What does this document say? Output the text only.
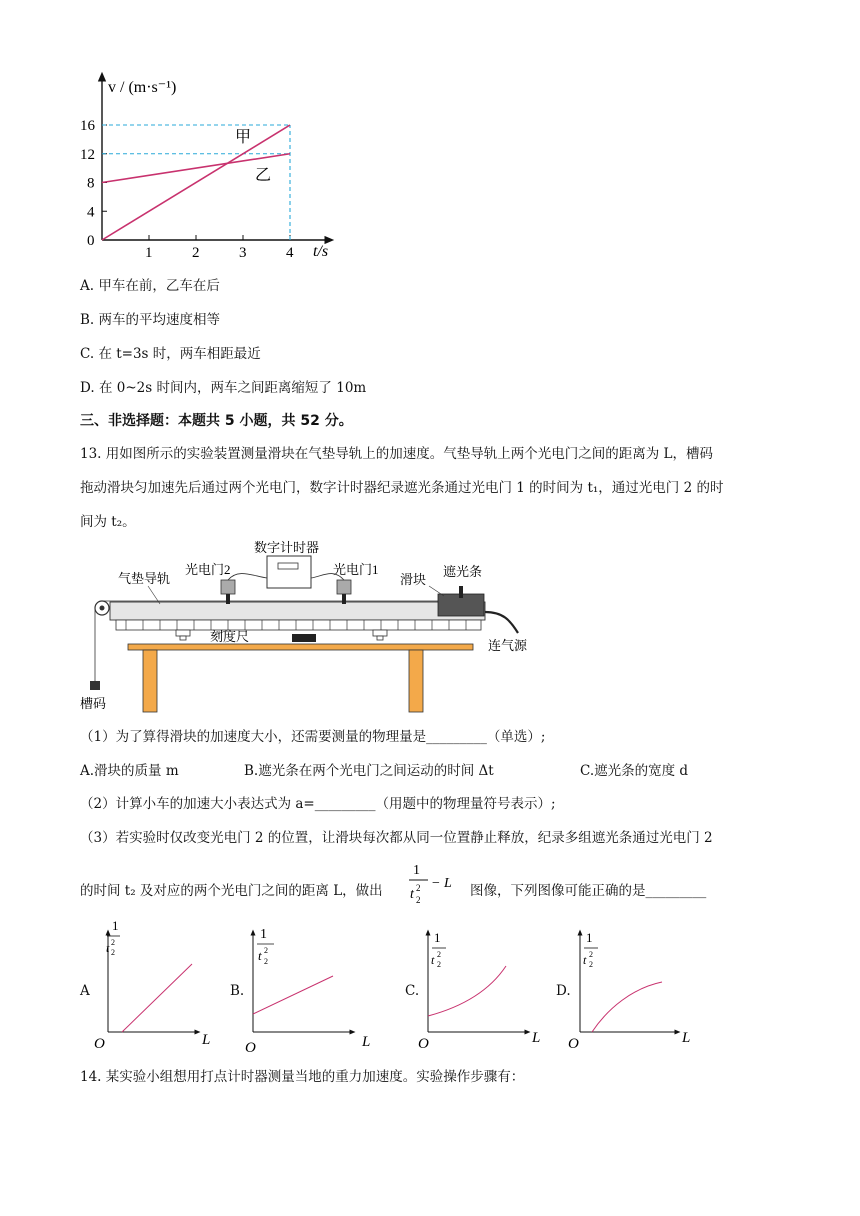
1	2	3	4
0
4
8
12
16
v / (m·s⁻¹)
t/s
甲
乙
A. 甲车在前，乙车在后
B. 两车的平均速度相等
C. 在 t=3s 时，两车相距最近
D. 在 0~2s 时间内，两车之间距离缩短了 10m
三、非选择题：本题共 5 小题，共 52 分。
13. 用如图所示的实验装置测量滑块在气垫导轨上的加速度。气垫导轨上两个光电门之间的距离为 L，槽码
拖动滑块匀加速先后通过两个光电门，数字计时器纪录遮光条通过光电门 1 的时间为 t₁，通过光电门 2 的时
间为 t₂。
数字计时器
光电门2	光电门1
气垫导轨	滑块
遮光条
刻度尺
连气源
槽码
（1）为了算得滑块的加速度大小，还需要测量的物理量是_________（单选）;
A.滑块的质量 m	B.遮光条在两个光电门之间运动的时间 Δt	C.遮光条的宽度 d
（2）计算小车的加速大小表达式为 a=_________（用题中的物理量符号表示）;
（3）若实验时仅改变光电门 2 的位置，让滑块每次都从同一位置静止释放，纪录多组遮光条通过光电门 2
的时间 t₂ 及对应的两个光电门之间的距离 L，做出
1
t 2
2
− L 图像，下列图像可能正确的是_________
A	B.	C.	D.
1
t 2
2
O	L
1
t 2
2
O	L
1
t 2
2
O	L
1
t 2
2
O	L
14. 某实验小组想用打点计时器测量当地的重力加速度。实验操作步骤有：
